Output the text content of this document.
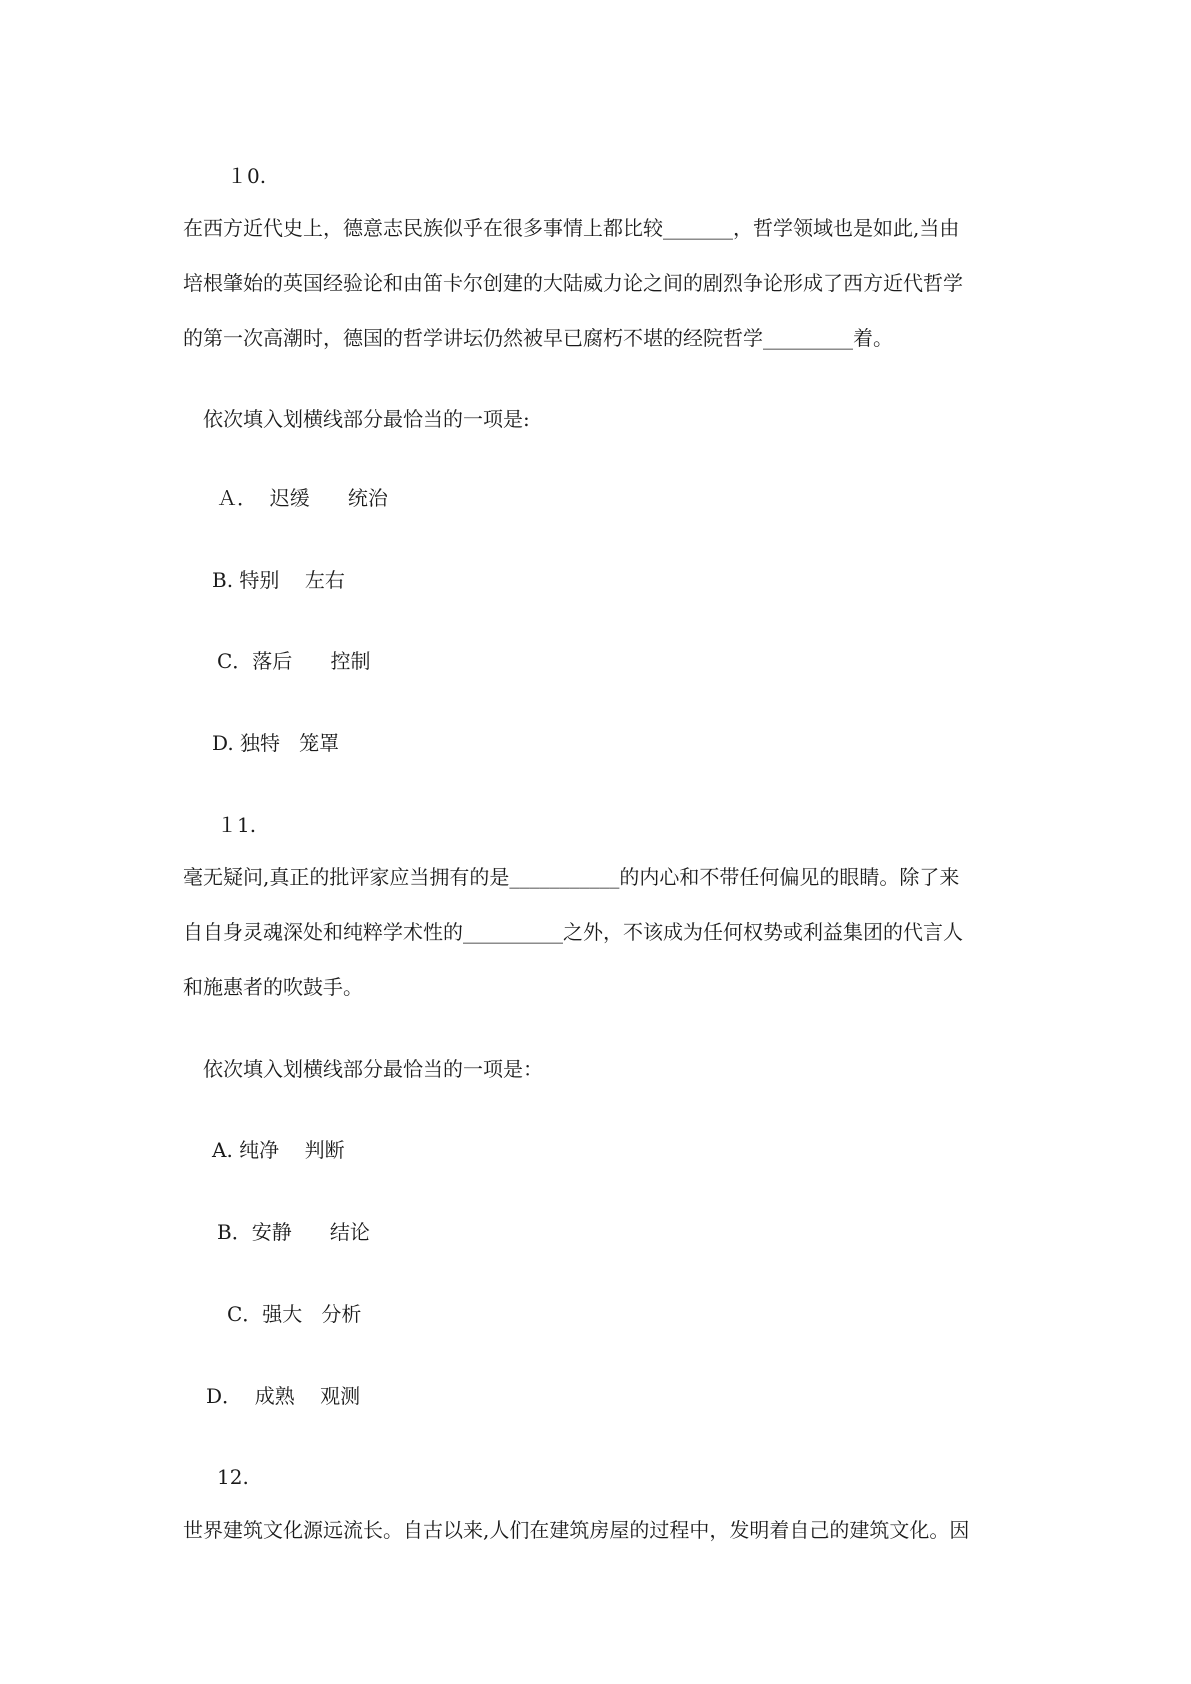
１0.
在西方近代史上，德意志民族似乎在很多事情上都比较_______，哲学领域也是如此,当由
培根肇始的英国经验论和由笛卡尔创建的大陆威力论之间的剧烈争论形成了西方近代哲学
的第一次高潮时，德国的哲学讲坛仍然被早已腐朽不堪的经院哲学_________着。
依次填入划横线部分最恰当的一项是:
Ａ．  迟缓      统治
B. 特别    左右
C．落后      控制
D. 独特   笼罩
１1.
毫无疑问,真正的批评家应当拥有的是___________的内心和不带任何偏见的眼睛。除了来
自自身灵魂深处和纯粹学术性的__________之外，不该成为任何权势或利益集团的代言人
和施惠者的吹鼓手。
依次填入划横线部分最恰当的一项是：
A. 纯净    判断
B．安静      结论
C．强大   分析
D．  成熟    观测
12.
世界建筑文化源远流长。自古以来,人们在建筑房屋的过程中，发明着自己的建筑文化。因
